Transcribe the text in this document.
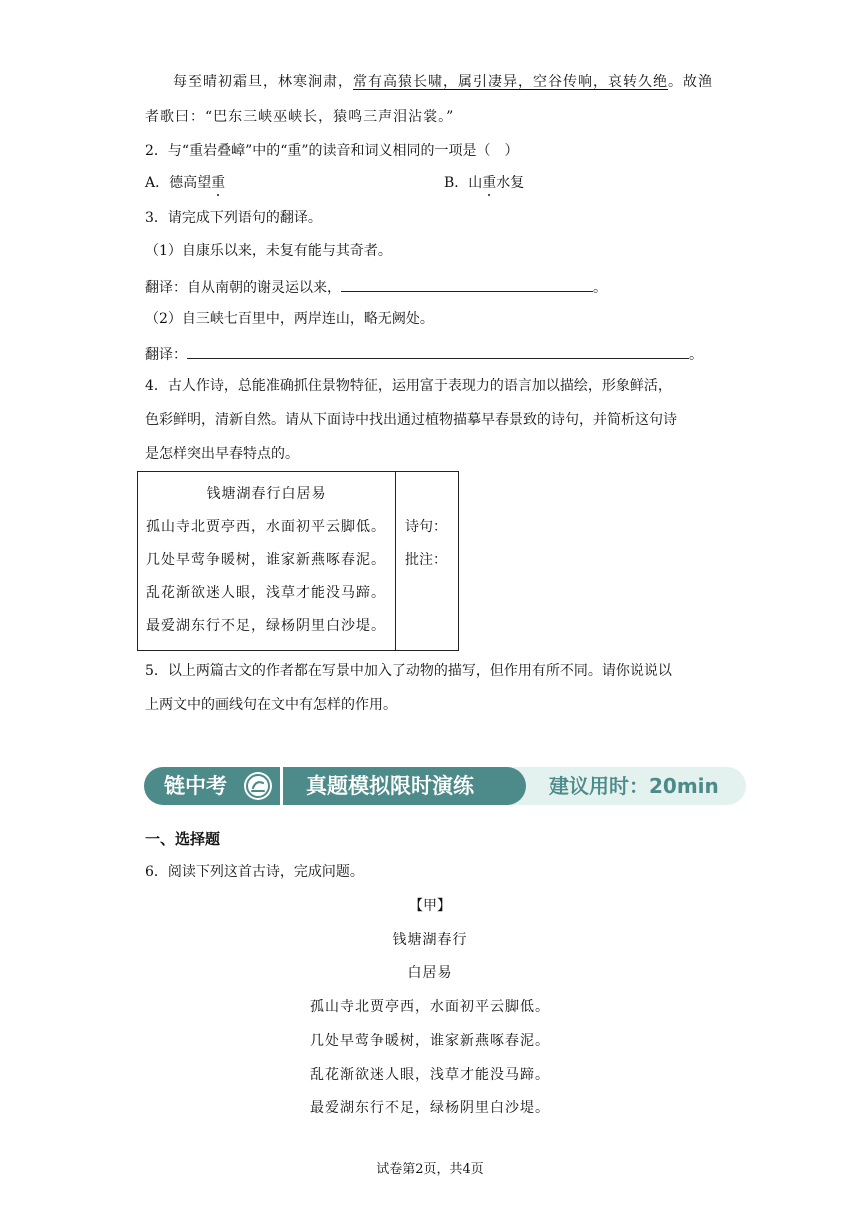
每至晴初霜旦，林寒涧肃，常有高猿长啸，属引凄异，空谷传响，哀转久绝。故渔
者歌曰：“巴东三峡巫峡长，猿鸣三声泪沾裳。”
2．与“重岩叠嶂”中的“重”的读音和词义相同的一项是（　）
A．德高望重	B．山重水复
3．请完成下列语句的翻译。
（1）自康乐以来，未复有能与其奇者。
翻译：自从南朝的谢灵运以来，	。
（2）自三峡七百里中，两岸连山，略无阙处。
翻译：	。
4．古人作诗，总能准确抓住景物特征，运用富于表现力的语言加以描绘，形象鲜活，
色彩鲜明，清新自然。请从下面诗中找出通过植物描摹早春景致的诗句，并简析这句诗
是怎样突出早春特点的。
钱塘湖春行白居易
孤山寺北贾亭西，水面初平云脚低。
几处早莺争暖树，谁家新燕啄春泥。
乱花渐欲迷人眼，浅草才能没马蹄。
最爱湖东行不足，绿杨阴里白沙堤。

诗句：
批注：
5．以上两篇古文的作者都在写景中加入了动物的描写，但作用有所不同。请你说说以
上两文中的画线句在文中有怎样的作用。
链中考	真题模拟限时演练	建议用时：20min
一、选择题
6．阅读下列这首古诗，完成问题。
【甲】
钱塘湖春行
白居易
孤山寺北贾亭西，水面初平云脚低。
几处早莺争暖树，谁家新燕啄春泥。
乱花渐欲迷人眼，浅草才能没马蹄。
最爱湖东行不足，绿杨阴里白沙堤。
试卷第2页，共4页
